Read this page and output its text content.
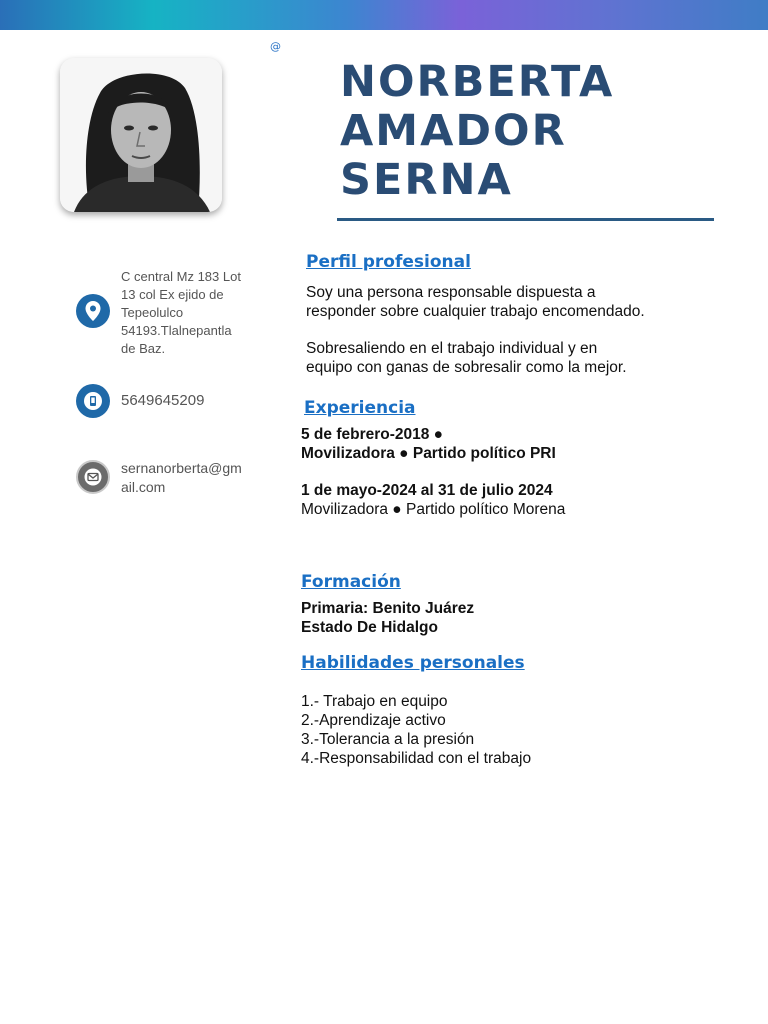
@
NORBERTA
AMADOR
SERNA
C central Mz 183 Lot
13 col Ex ejido de
Tepeolulco
54193.Tlalnepantla
de Baz.
5649645209
sernanorberta@gm
ail.com
Perfil profesional
Soy una persona responsable dispuesta a
responder sobre cualquier trabajo encomendado.
Sobresaliendo en el trabajo individual y en
equipo con ganas de sobresalir como la mejor.
Experiencia
5 de febrero-2018 ●
Movilizadora ● Partido político PRI
1 de mayo-2024 al 31 de julio 2024
Movilizadora ● Partido político Morena
Formación
Primaria: Benito Juárez
Estado De Hidalgo
Habilidades personales
1.- Trabajo en equipo
2.-Aprendizaje activo
3.-Tolerancia a la presión
4.-Responsabilidad con el trabajo
